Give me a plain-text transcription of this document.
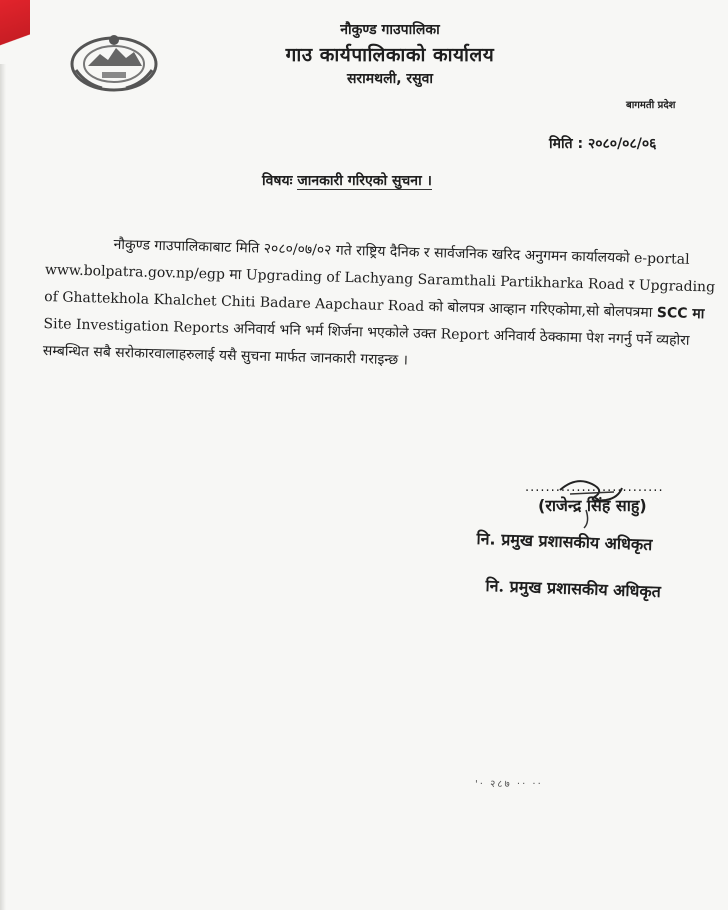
नौकुण्ड गाउपालिका
गाउ कार्यपालिकाको कार्यालय
सरामथली, रसुवा
बागमती प्रदेश
मिति : २०८०/०८/०६
विषयः जानकारी गरिएको सुचना ।

नौकुण्ड गाउपालिकाबाट मिति २०८०/०७/०२ गते राष्ट्रिय दैनिक र सार्वजनिक खरिद अनुगमन कार्यालयको e-portal www.bolpatra.gov.np/egp मा Upgrading of Lachyang Saramthali Partikharka Road र Upgrading of Ghattekhola Khalchet Chiti Badare Aapchaur Road को बोलपत्र आव्हान गरिएकोमा,सो बोलपत्रमा SCC मा Site Investigation Reports अनिवार्य भनि भर्म शिर्जना भएकोले उक्त Report अनिवार्य ठेक्कामा पेश नगर्नु पर्ने व्यहोरा सम्बन्धित सबै सरोकारवालाहरुलाई यसै सुचना मार्फत जानकारी गराइन्छ ।

...........................
(राजेन्द्र सिंह साहु)
नि. प्रमुख प्रशासकीय अधिकृत
नि. प्रमुख प्रशासकीय अधिकृत
'· २८७ ·· ··
